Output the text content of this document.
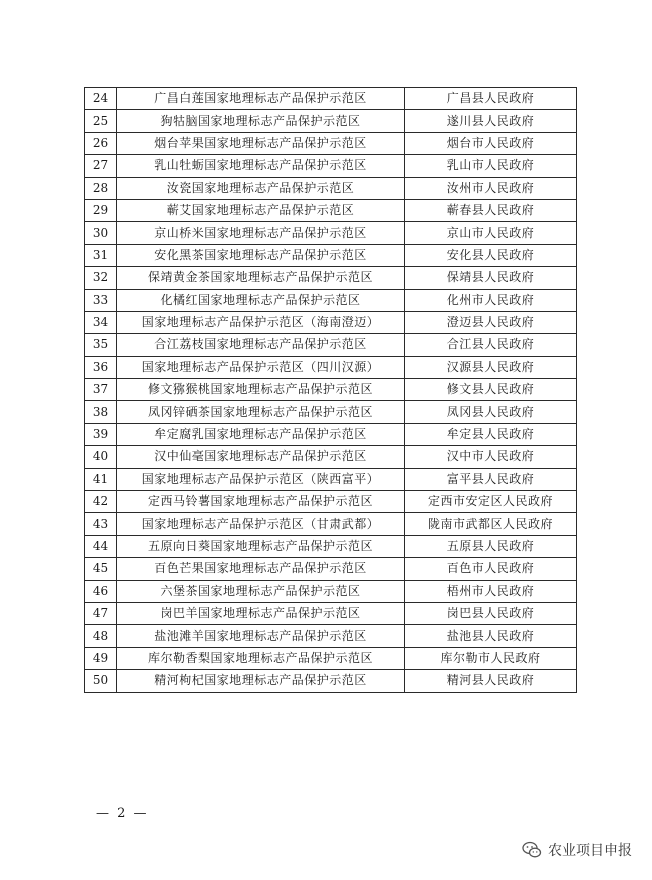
24	广昌白莲国家地理标志产品保护示范区	广昌县人民政府
25	狗牯脑国家地理标志产品保护示范区	遂川县人民政府
26	烟台苹果国家地理标志产品保护示范区	烟台市人民政府
27	乳山牡蛎国家地理标志产品保护示范区	乳山市人民政府
28	汝瓷国家地理标志产品保护示范区	汝州市人民政府
29	蕲艾国家地理标志产品保护示范区	蕲春县人民政府
30	京山桥米国家地理标志产品保护示范区	京山市人民政府
31	安化黑茶国家地理标志产品保护示范区	安化县人民政府
32	保靖黄金茶国家地理标志产品保护示范区	保靖县人民政府
33	化橘红国家地理标志产品保护示范区	化州市人民政府
34	国家地理标志产品保护示范区（海南澄迈）	澄迈县人民政府
35	合江荔枝国家地理标志产品保护示范区	合江县人民政府
36	国家地理标志产品保护示范区（四川汉源）	汉源县人民政府
37	修文猕猴桃国家地理标志产品保护示范区	修文县人民政府
38	凤冈锌硒茶国家地理标志产品保护示范区	凤冈县人民政府
39	牟定腐乳国家地理标志产品保护示范区	牟定县人民政府
40	汉中仙毫国家地理标志产品保护示范区	汉中市人民政府
41	国家地理标志产品保护示范区（陕西富平）	富平县人民政府
42	定西马铃薯国家地理标志产品保护示范区	定西市安定区人民政府
43	国家地理标志产品保护示范区（甘肃武都）	陇南市武都区人民政府
44	五原向日葵国家地理标志产品保护示范区	五原县人民政府
45	百色芒果国家地理标志产品保护示范区	百色市人民政府
46	六堡茶国家地理标志产品保护示范区	梧州市人民政府
47	岗巴羊国家地理标志产品保护示范区	岗巴县人民政府
48	盐池滩羊国家地理标志产品保护示范区	盐池县人民政府
49	库尔勒香梨国家地理标志产品保护示范区	库尔勒市人民政府
50	精河枸杞国家地理标志产品保护示范区	精河县人民政府
— 2 —
农业项目申报
